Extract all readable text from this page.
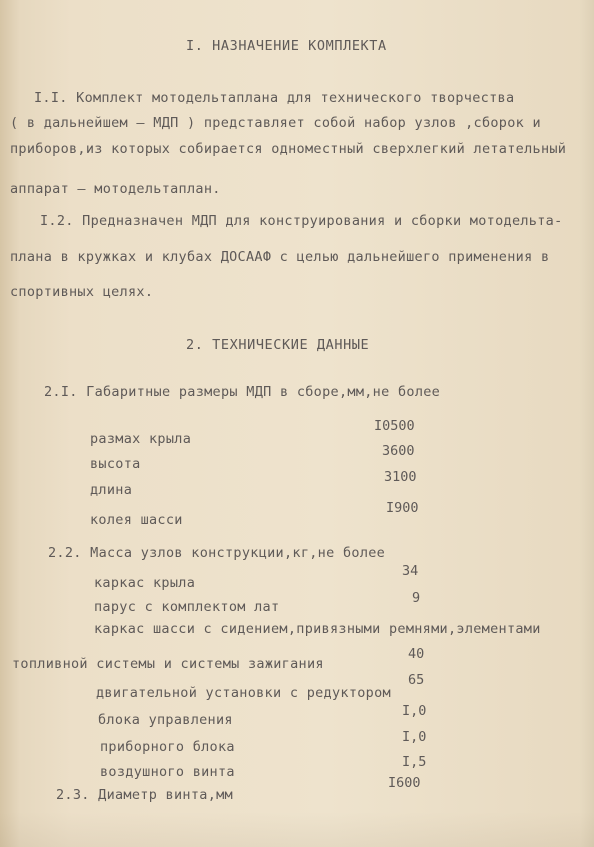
I. НАЗНАЧЕНИЕ КОМПЛЕКТА
I.I. Комплект мотодельтаплана для технического творчества
( в дальнейшем – МДП ) представляет собой набор узлов ,сборок и
приборов,из которых собирается одноместный сверхлегкий летательный
аппарат – мотодельтаплан.
I.2. Предназначен МДП для конструирования и сборки мотодельта-
плана в кружках и клубах ДОСААФ с целью дальнейшего применения в
спортивных целях.
2. ТЕХНИЧЕСКИЕ ДАННЫЕ
2.I. Габаритные размеры МДП в сборе,мм,не более
размах крыла
I0500
высота
3600
длина
3100
колея шасси
I900
2.2. Масса узлов конструкции,кг,не более
каркас крыла
34
парус с комплектом лат
9
каркас шасси с сидением,привязными ремнями,элементами
топливной системы и системы зажигания
40
двигательной установки с редуктором
65
блока управления
I,0
приборного блока
I,0
воздушного винта
I,5
2.3. Диаметр винта,мм
I600
